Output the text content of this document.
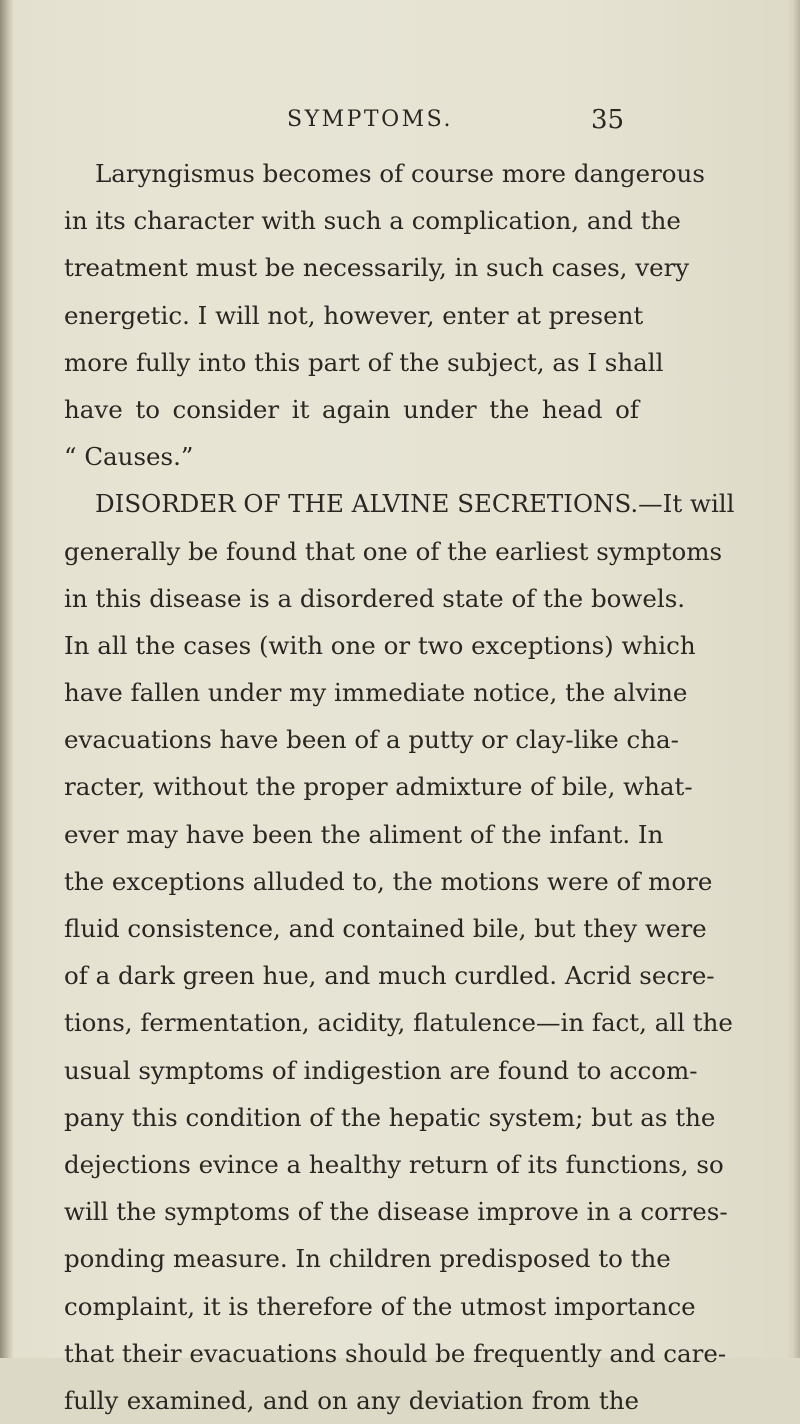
SYMPTOMS.	35
Laryngismus becomes of course more dangerous
in its character with such a complication, and the
treatment must be necessarily, in such cases, very
energetic. I will not, however, enter at present
more fully into this part of the subject, as I shall
have to consider it again under the head of
“ Causes.”
DISORDER OF THE ALVINE SECRETIONS.—It will
generally be found that one of the earliest symptoms
in this disease is a disordered state of the bowels.
In all the cases (with one or two exceptions) which
have fallen under my immediate notice, the alvine
evacuations have been of a putty or clay-like cha-
racter, without the proper admixture of bile, what-
ever may have been the aliment of the infant. In
the exceptions alluded to, the motions were of more
fluid consistence, and contained bile, but they were
of a dark green hue, and much curdled. Acrid secre-
tions, fermentation, acidity, flatulence—in fact, all the
usual symptoms of indigestion are found to accom-
pany this condition of the hepatic system; but as the
dejections evince a healthy return of its functions, so
will the symptoms of the disease improve in a corres-
ponding measure. In children predisposed to the
complaint, it is therefore of the utmost importance
that their evacuations should be frequently and care-
fully examined, and on any deviation from the
